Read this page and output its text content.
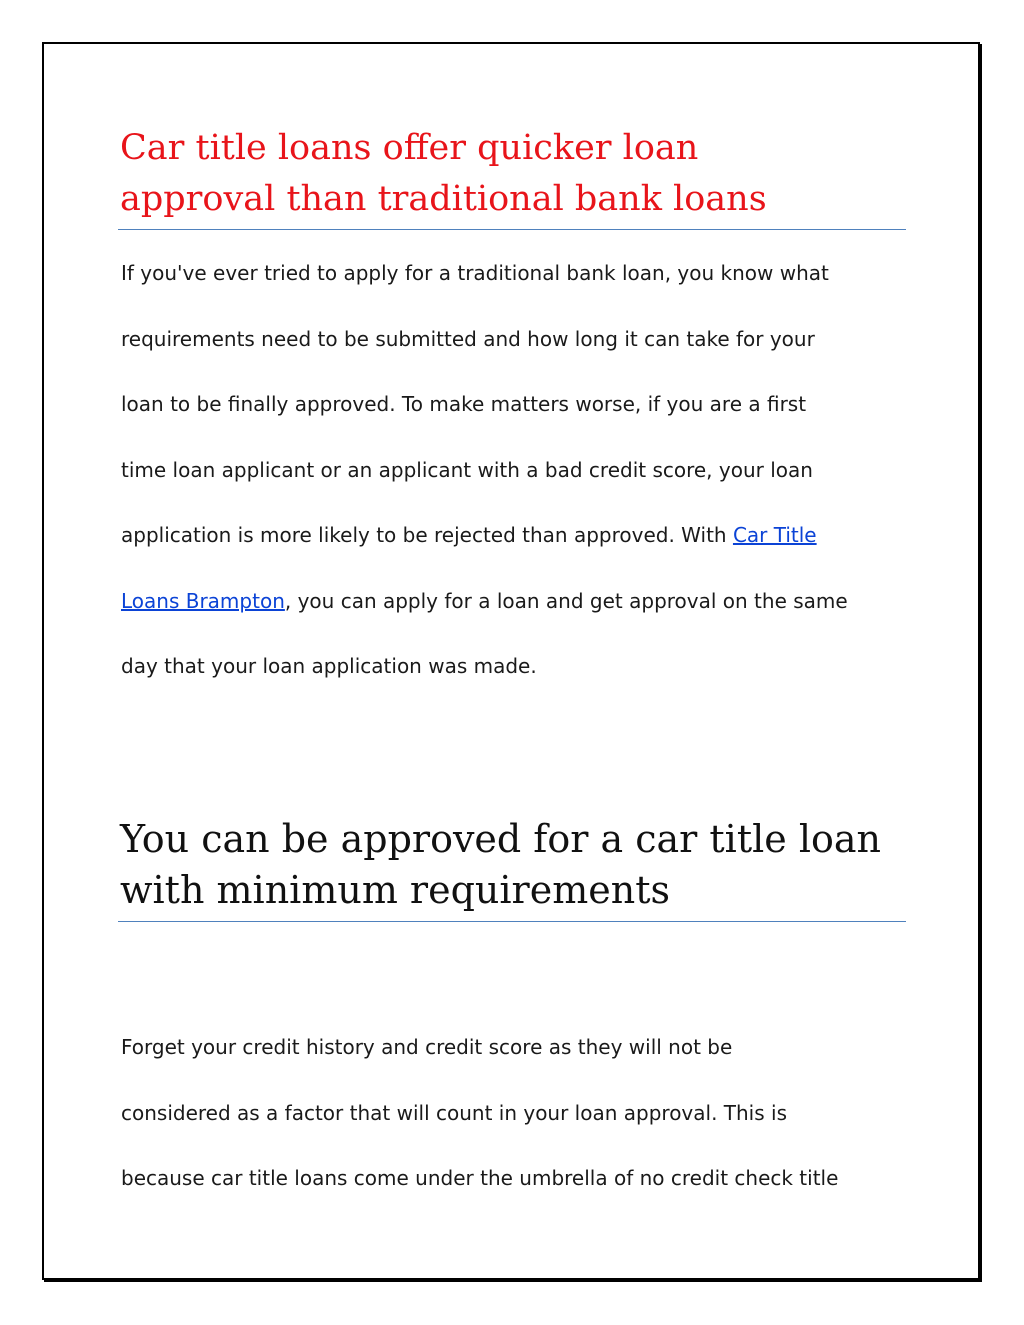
Car title loans offer quicker loan
approval than traditional bank loans
If you've ever tried to apply for a traditional bank loan, you know what
requirements need to be submitted and how long it can take for your
loan to be finally approved. To make matters worse, if you are a first
time loan applicant or an applicant with a bad credit score, your loan
application is more likely to be rejected than approved. With Car Title
Loans Brampton, you can apply for a loan and get approval on the same
day that your loan application was made.
You can be approved for a car title loan
with minimum requirements
Forget your credit history and credit score as they will not be
considered as a factor that will count in your loan approval. This is
because car title loans come under the umbrella of no credit check title
